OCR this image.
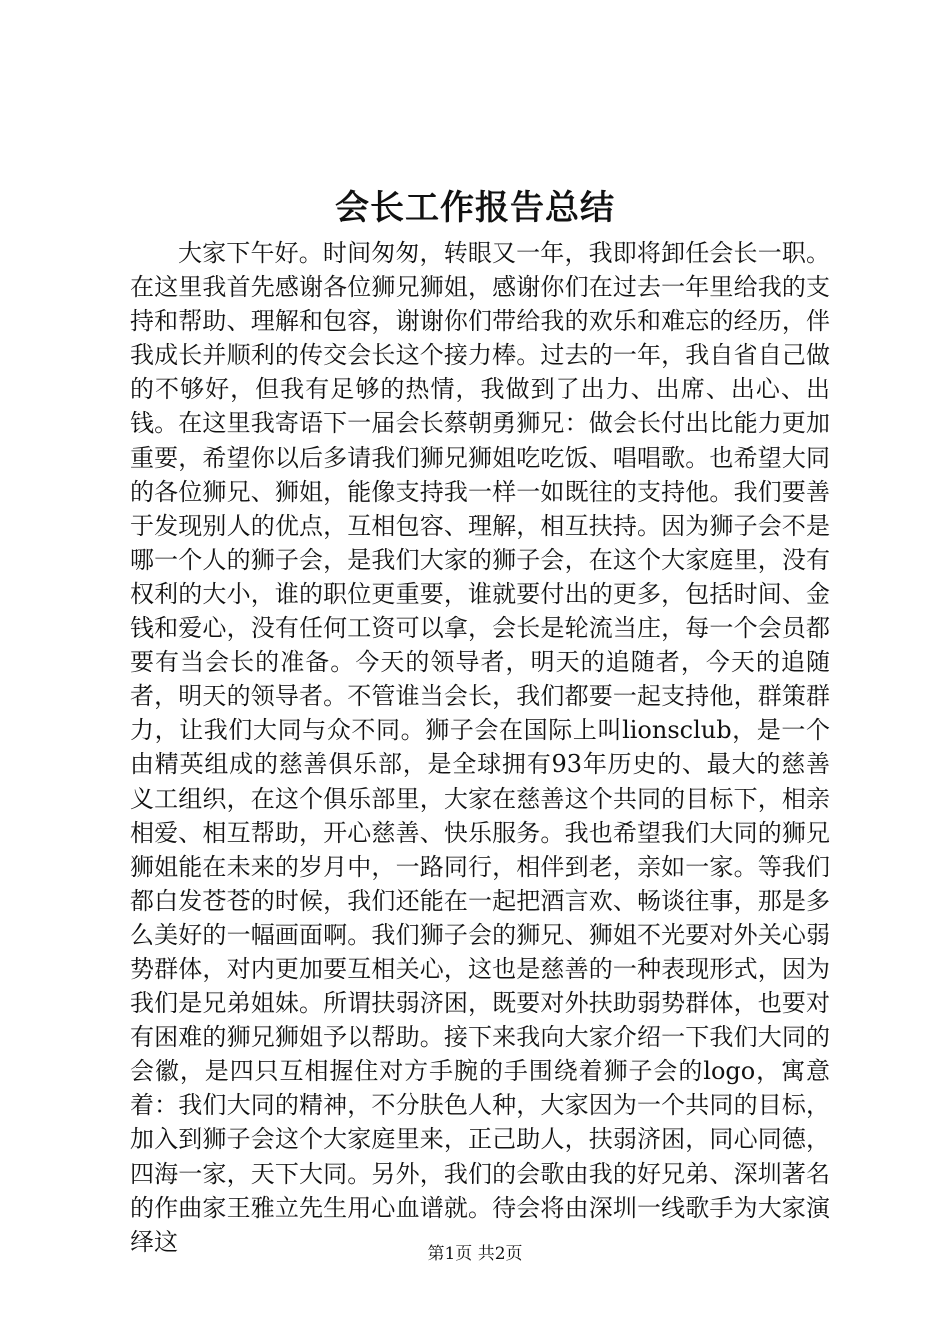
会长工作报告总结

大家下午好。时间匆匆，转眼又一年，我即将卸任会长一职。在这里我首先感谢各位狮兄狮姐，感谢你们在过去一年里给我的支持和帮助、理解和包容，谢谢你们带给我的欢乐和难忘的经历，伴我成长并顺利的传交会长这个接力棒。过去的一年，我自省自己做的不够好，但我有足够的热情，我做到了出力、出席、出心、出钱。在这里我寄语下一届会长蔡朝勇狮兄：做会长付出比能力更加重要，希望你以后多请我们狮兄狮姐吃吃饭、唱唱歌。也希望大同的各位狮兄、狮姐，能像支持我一样一如既往的支持他。我们要善于发现别人的优点，互相包容、理解，相互扶持。因为狮子会不是哪一个人的狮子会，是我们大家的狮子会，在这个大家庭里，没有权利的大小，谁的职位更重要，谁就要付出的更多，包括时间、金钱和爱心，没有任何工资可以拿，会长是轮流当庄，每一个会员都要有当会长的准备。今天的领导者，明天的追随者，今天的追随者，明天的领导者。不管谁当会长，我们都要一起支持他，群策群力，让我们大同与众不同。狮子会在国际上叫lionsclub，是一个由精英组成的慈善俱乐部，是全球拥有93年历史的、最大的慈善义工组织，在这个俱乐部里，大家在慈善这个共同的目标下，相亲相爱、相互帮助，开心慈善、快乐服务。我也希望我们大同的狮兄狮姐能在未来的岁月中，一路同行，相伴到老，亲如一家。等我们都白发苍苍的时候，我们还能在一起把酒言欢、畅谈往事，那是多么美好的一幅画面啊。我们狮子会的狮兄、狮姐不光要对外关心弱势群体，对内更加要互相关心，这也是慈善的一种表现形式，因为我们是兄弟姐妹。所谓扶弱济困，既要对外扶助弱势群体，也要对有困难的狮兄狮姐予以帮助。接下来我向大家介绍一下我们大同的会徽，是四只互相握住对方手腕的手围绕着狮子会的logo，寓意着：我们大同的精神，不分肤色人种，大家因为一个共同的目标，加入到狮子会这个大家庭里来，正己助人，扶弱济困，同心同德，四海一家，天下大同。另外，我们的会歌由我的好兄弟、深圳著名的作曲家王雅立先生用心血谱就。待会将由深圳一线歌手为大家演绎这	第1页 共2页
